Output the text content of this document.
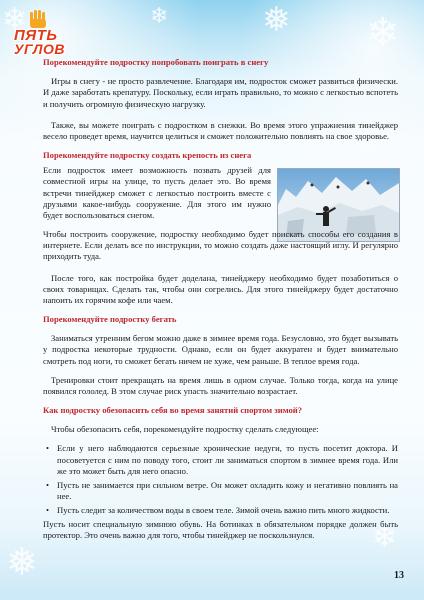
❄	❄	❅ ❄
❅
❄
ПЯТЬ
УГЛОВ

Порекомендуйте подростку попробовать поиграть в снегу

Игры в снегу - не просто развлечение. Благодаря им, подросток сможет развиться физически. И даже заработать крепатуру. Поскольку, если играть правильно, то можно с легкостью вспотеть и получить огромную физическую нагрузку.

Также, вы можете поиграть с подростком в снежки. Во время этого упражнения тинейджер весело проведет время, научится целиться и сможет положительно повлиять на свое здоровье.

Порекомендуйте подростку создать крепость из снега

Если подросток имеет возможность позвать друзей для совместной игры на улице, то пусть делает это. Во время встречи тинейджер сможет с легкостью построить вместе с друзьями какое-нибудь сооружение. Для этого им нужно будет воспользоваться снегом.

Чтобы построить сооружение, подростку необходимо будет поискать способы его создания в интернете. Если делать все по инструкции, то можно создать даже настоящий иглу. И регулярно приходить туда.

После того, как постройка будет доделана, тинейджеру необходимо будет позаботиться о своих товарищах. Сделать так, чтобы они согрелись. Для этого тинейджеру будет достаточно напоить их горячим кофе или чаем.

Порекомендуйте подростку бегать

Заниматься утренним бегом можно даже в зимнее время года. Безусловно, это будет вызывать у подростка некоторые трудности. Однако, если он будет аккуратен и будет внимательно смотреть под ноги, то сможет бегать ничем не хуже, чем раньше. В теплое время года.

Тренировки стоит прекращать на время лишь в одном случае. Только тогда, когда на улице появился гололед. В этом случае риск упасть значительно возрастает.

Как подростку обезопасить себя во время занятий спортом зимой?

Чтобы обезопасить себя, порекомендуйте подростку сделать следующее:

• Если у него наблюдаются серьезные хронические недуги, то пусть посетит доктора. И посоветуется с ним по поводу того, стоит ли заниматься спортом в зимнее время года. Или же это может быть для него опасно.
• Пусть не занимается при сильном ветре. Он может охладить кожу и негативно повлиять на нее.
• Пусть следит за количеством воды в своем теле. Зимой очень важно пить много жидкости.

Пусть носит специальную зимнюю обувь. На ботинках в обязательном порядке должен быть протектор. Это очень важно для того, чтобы тинейджер не поскользнулся.

13
